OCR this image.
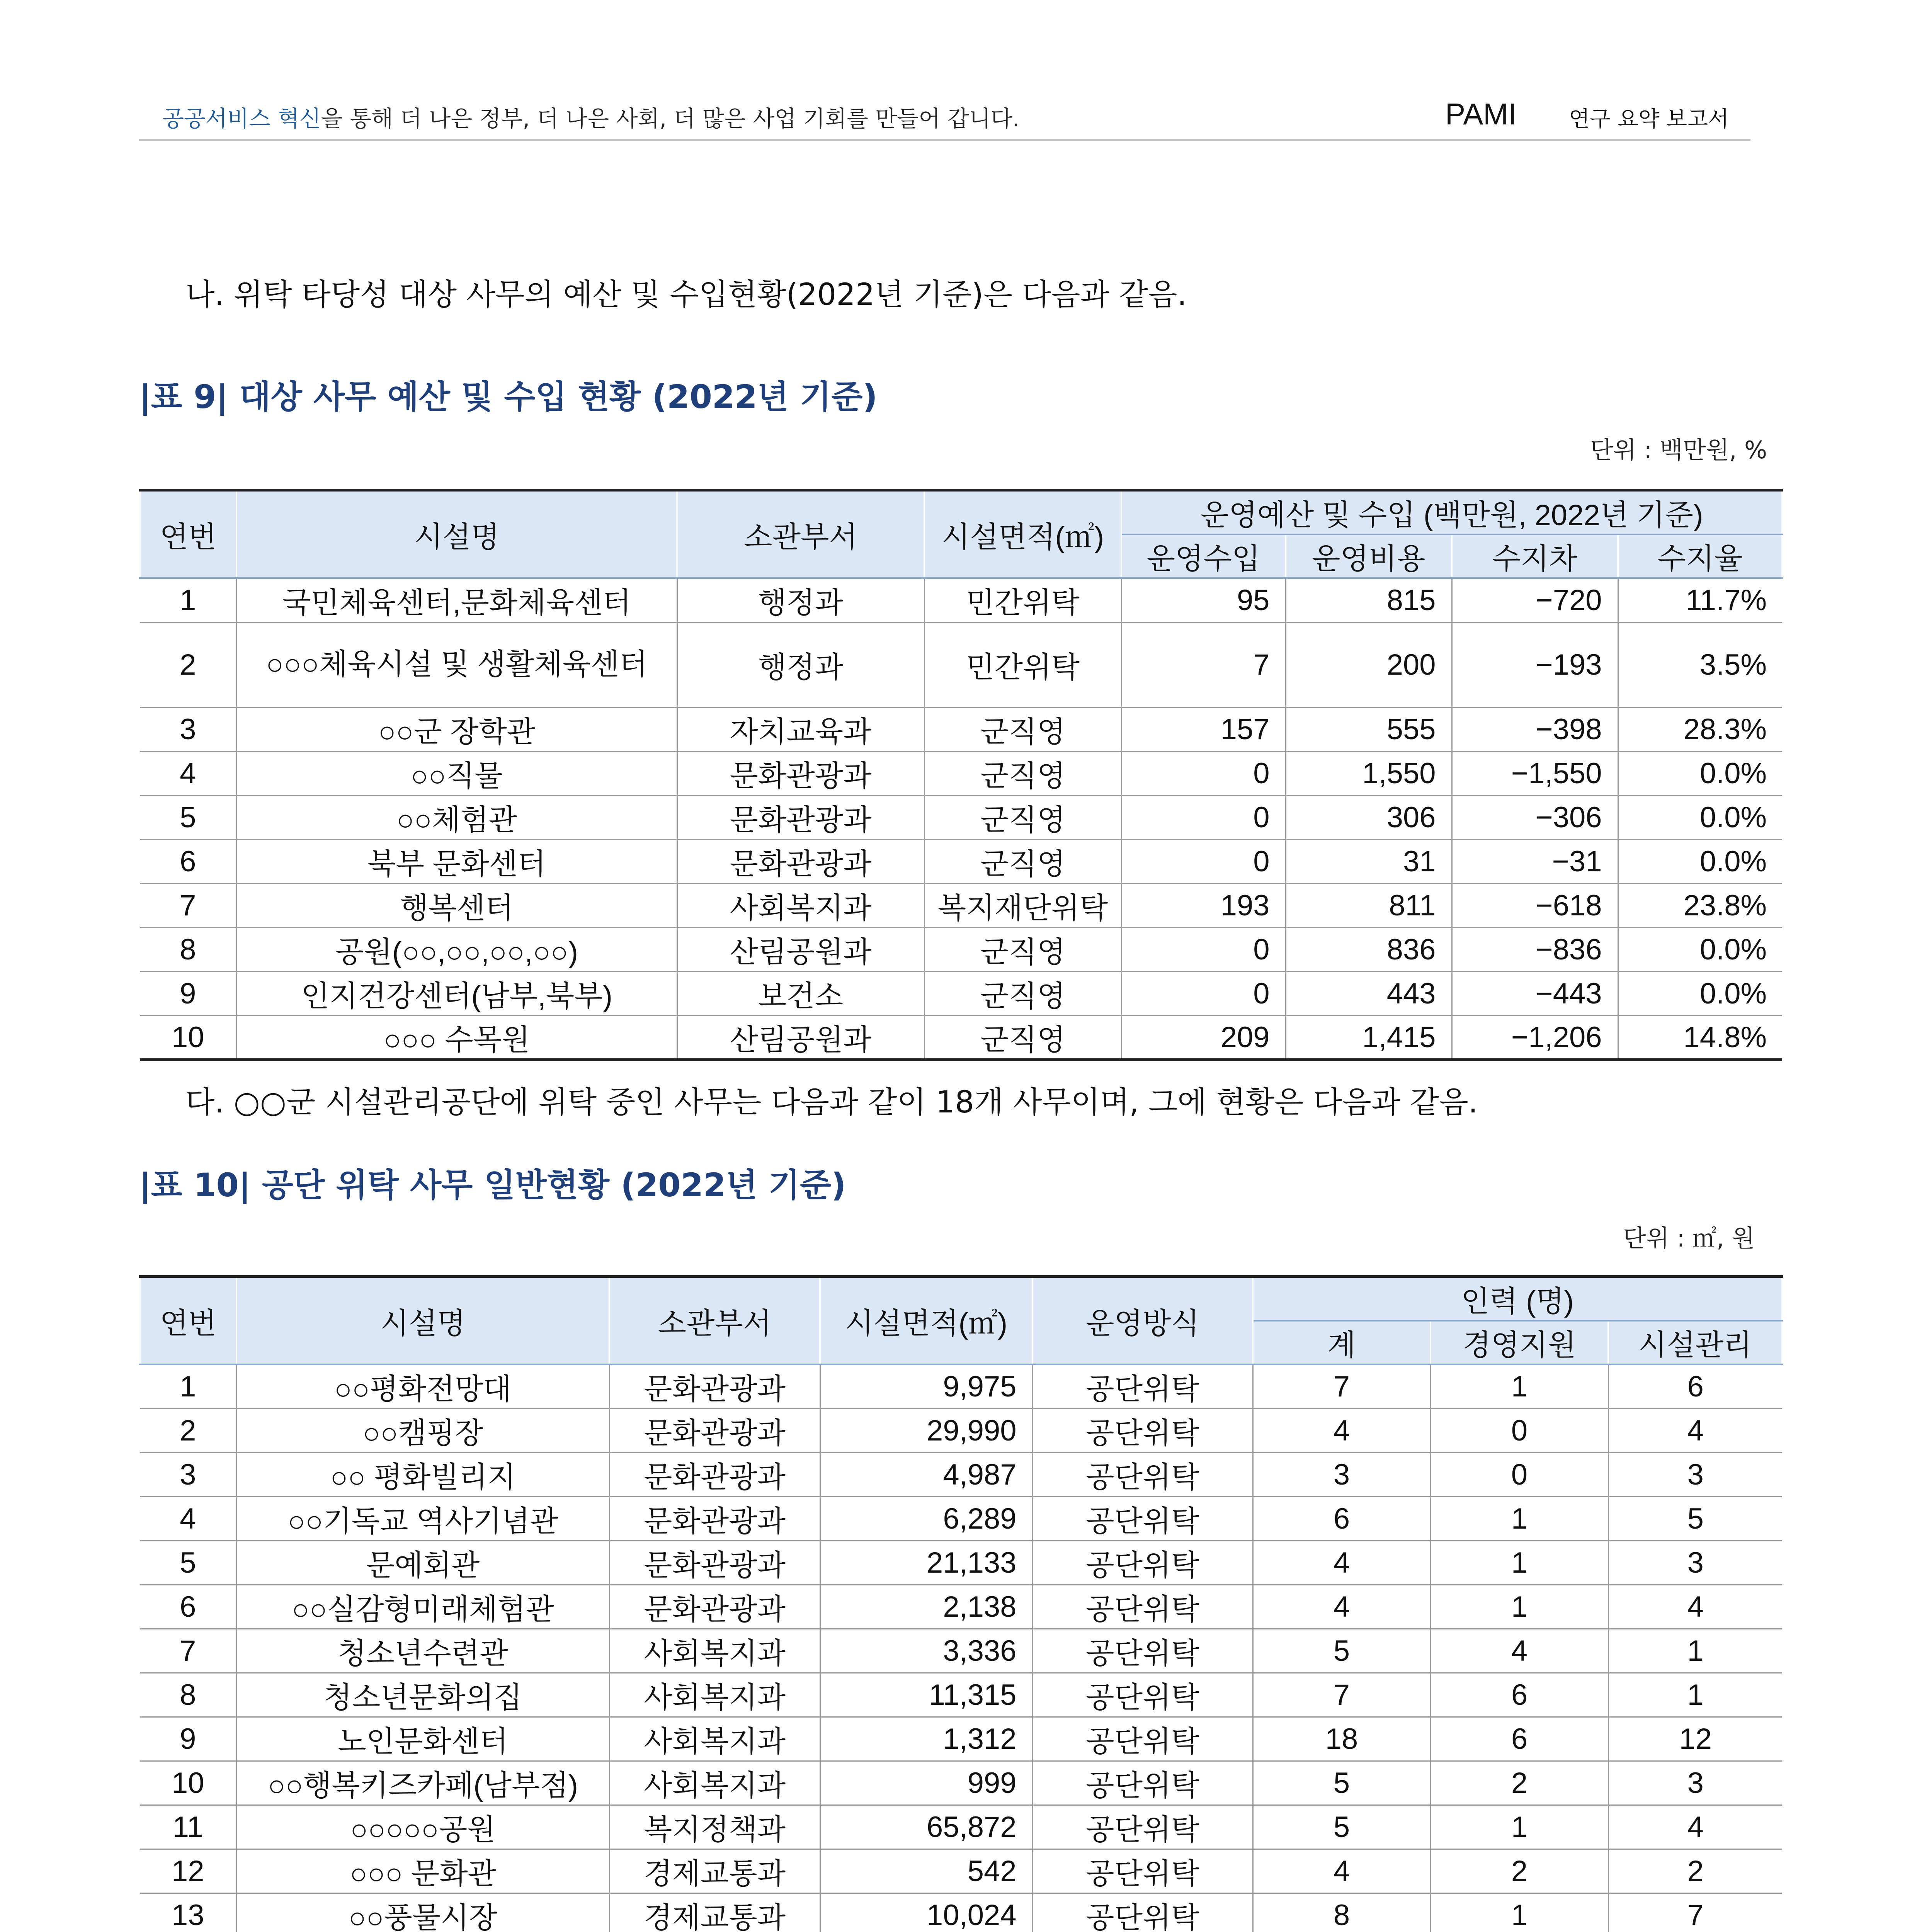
공공서비스 혁신을 통해 더 나은 정부, 더 나은 사회, 더 많은 사업 기회를 만들어 갑니다.	PAMI 연구 요약 보고서
나. 위탁 타당성 대상 사무의 예산 및 수입현황(2022년 기준)은 다음과 같음.
|표 9| 대상 사무 예산 및 수입 현황 (2022년 기준)
단위 : 백만원, %
연번	시설명	소관부서	시설면적(㎡)	운영예산 및 수입 (백만원, 2022년 기준)			
				운영수입	운영비용	수지차	수지율
1	국민체육센터,문화체육센터	행정과	민간위탁	95	815	−720	11.7%
2	○○○체육시설 및 생활체육센터	행정과	민간위탁	7	200	−193	3.5%
3	○○군 장학관	자치교육과	군직영	157	555	−398	28.3%
4	○○직물	문화관광과	군직영	0	1,550	−1,550	0.0%
5	○○체험관	문화관광과	군직영	0	306	−306	0.0%
6	북부 문화센터	문화관광과	군직영	0	31	−31	0.0%
7	행복센터	사회복지과	복지재단위탁	193	811	−618	23.8%
8	공원(○○,○○,○○,○○)	산림공원과	군직영	0	836	−836	0.0%
9	인지건강센터(남부,북부)	보건소	군직영	0	443	−443	0.0%
10	○○○ 수목원	산림공원과	군직영	209	1,415	−1,206	14.8%
다. ○○군 시설관리공단에 위탁 중인 사무는 다음과 같이 18개 사무이며, 그에 현황은 다음과 같음.
|표 10| 공단 위탁 사무 일반현황 (2022년 기준)
단위 : ㎡, 원
연번	시설명	소관부서	시설면적(㎡)	운영방식	인력 (명)		
					계	경영지원	시설관리
1	○○평화전망대	문화관광과	9,975	공단위탁	7	1	6
2	○○캠핑장	문화관광과	29,990	공단위탁	4	0	4
3	○○ 평화빌리지	문화관광과	4,987	공단위탁	3	0	3
4	○○기독교 역사기념관	문화관광과	6,289	공단위탁	6	1	5
5	문예회관	문화관광과	21,133	공단위탁	4	1	3
6	○○실감형미래체험관	문화관광과	2,138	공단위탁	4	1	4
7	청소년수련관	사회복지과	3,336	공단위탁	5	4	1
8	청소년문화의집	사회복지과	11,315	공단위탁	7	6	1
9	노인문화센터	사회복지과	1,312	공단위탁	18	6	12
10	○○행복키즈카페(남부점)	사회복지과	999	공단위탁	5	2	3
11	○○○○○공원	복지정책과	65,872	공단위탁	5	1	4
12	○○○ 문화관	경제교통과	542	공단위탁	4	2	2
13	○○풍물시장	경제교통과	10,024	공단위탁	8	1	7
